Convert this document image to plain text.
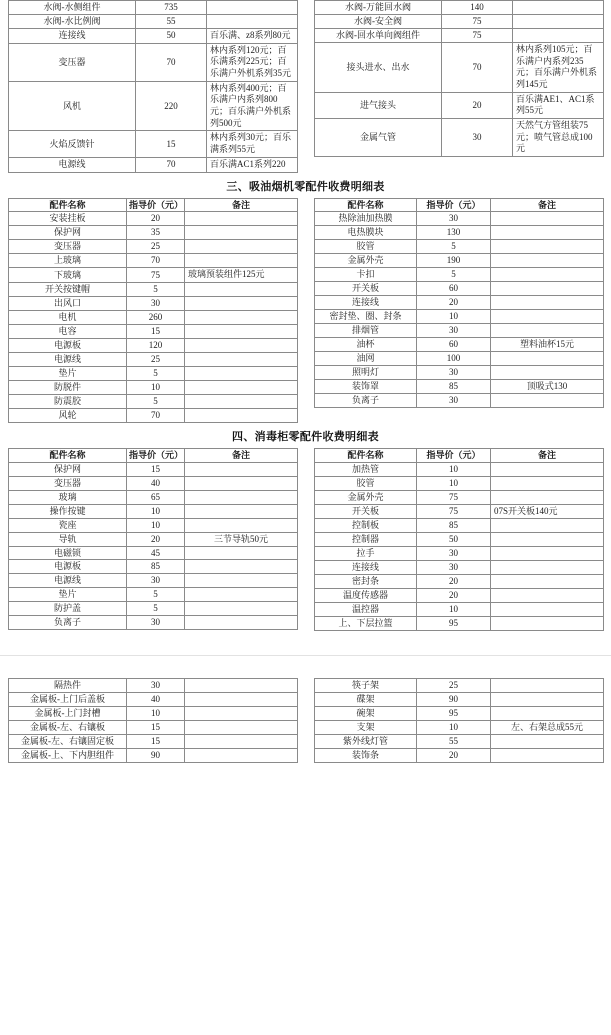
水阀-水侧组件	735	
水阀-水比例阀	55	
连接线	50	百乐满、z8系列80元
变压器	70	林内系列120元；百乐满系列225元；百乐满户外机系列35元
风机	220	林内系列400元；百乐满户内系列800元；百乐满户外机系列500元
火焰反馈针	15	林内系列30元；百乐满系列55元
电源线	70	百乐满AC1系列220
水阀-万能回水阀	140	
水阀-安全阀	75	
水阀-回水单向阀组件	75	
接头进水、出水	70	林内系列105元；百乐满户内系列235元；百乐满户外机系列145元
进气接头	20	百乐满AE1、AC1系列55元
金属气管	30	天然气方管组装75元；喷气管总成100元
三、吸油烟机零配件收费明细表
配件名称	指导价（元）	备注
安装挂板	20	
保护网	35	
变压器	25	
上玻璃	70	
下玻璃	75	玻璃预装组件125元
开关按键帽	5	
出风口	30	
电机	260	
电容	15	
电源板	120	
电源线	25	
垫片	5	
防脱件	10	
防震胶	5	
风轮	70	
配件名称	指导价（元）	备注
热除油加热膜	30	
电热膜块	130	
胶管	5	
金属外壳	190	
卡扣	5	
开关板	60	
连接线	20	
密封垫、圈、封条	10	
排烟管	30	
油杯	60	塑料油杯15元
油网	100	
照明灯	30	
装饰罩	85	顶吸式130
负离子	30	
四、消毒柜零配件收费明细表
配件名称	指导价（元）	备注
保护网	15	
变压器	40	
玻璃	65	
操作按键	10	
瓷座	10	
导轨	20	三节导轨50元
电磁锁	45	
电源板	85	
电源线	30	
垫片	5	
防护盖	5	
负离子	30	
配件名称	指导价（元）	备注
加热管	10	
胶管	10	
金属外壳	75	
开关板	75	07S开关板140元
控制板	85	
控制器	50	
拉手	30	
连接线	30	
密封条	20	
温度传感器	20	
温控器	10	
上、下层拉篮	95	
隔热件	30	
金属板-上门后盖板	40	
金属板-上门封槽	10	
金属板-左、右镶板	15	
金属板-左、右镶固定板	15	
金属板-上、下内胆组件	90	
筷子架	25	
碟架	90	
碗架	95	
支架	10	左、右架总成55元
紫外线灯管	55	
装饰条	20	
